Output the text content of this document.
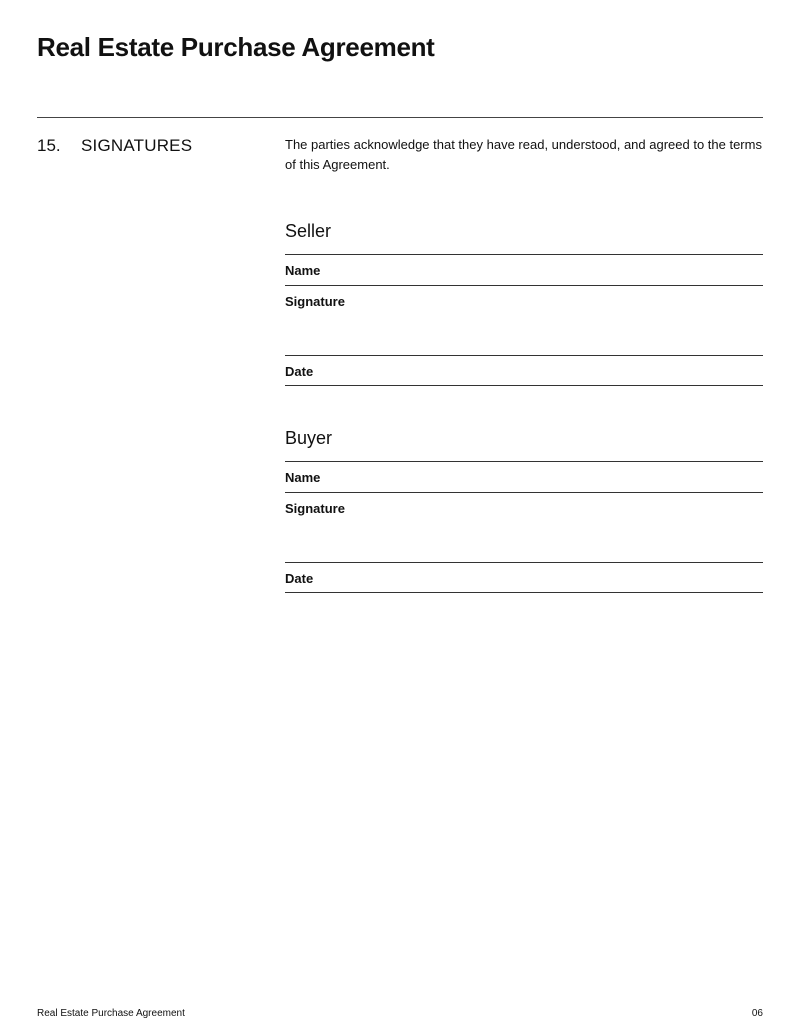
Real Estate Purchase Agreement
15. SIGNATURES	The parties acknowledge that they have read, understood, and agreed to the terms of this Agreement.

Seller
Name
Signature
Date
Buyer
Name
Signature
Date
Real Estate Purchase Agreement	06
